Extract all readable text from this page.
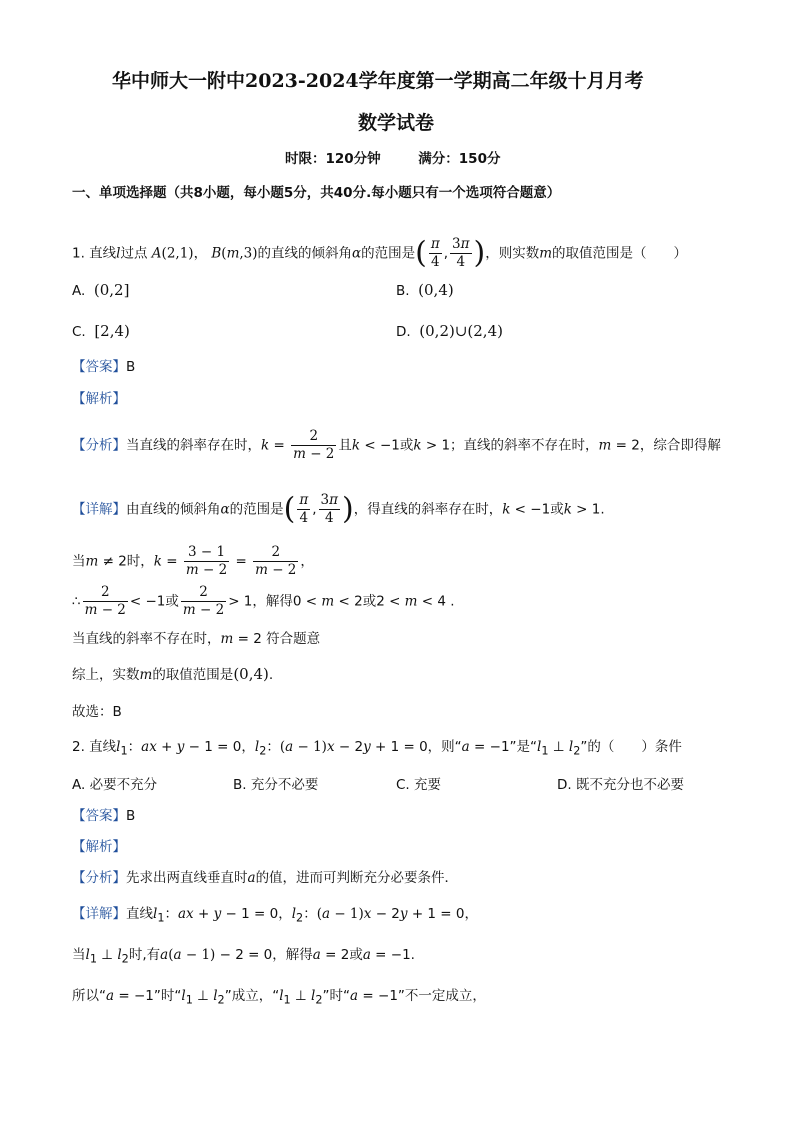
华中师大一附中2023-2024学年度第一学期高二年级十月月考
数学试卷
时限：120分钟        满分：150分
一、单项选择题（共8小题，每小题5分，共40分.每小题只有一个选项符合题意）
1. 直线l过点 A(2,1)， B(m,3)的直线的倾斜角α的范围是( $\frac{\pi}{4}$ , $\frac{3\pi}{4}$ )，则实数m的取值范围是（　　）
A. (0,2]	B. (0,4)
C. [2,4)	D. (0,2)∪(2,4)
【答案】B
【解析】
【分析】当直线的斜率存在时，$k = \frac{2}{m - 2}$ 且k < −1或k > 1；直线的斜率不存在时，m = 2，综合即得解
【详解】由直线的倾斜角α的范围是( $\frac{\pi}{4}$ , $\frac{3\pi}{4}$ )，得直线的斜率存在时，k < −1或k > 1.
当m ≠ 2时，$k = \frac{3 - 1}{m - 2} = \frac{2}{m - 2}$ ，
∴ $\frac{2}{m - 2} < -1$或 $\frac{2}{m - 2} > 1$，解得0 < m < 2或2 < m < 4 .
当直线的斜率不存在时，m = 2 符合题意
综上，实数m的取值范围是(0,4).
故选：B
2. 直线$l_1$：ax + y − 1 = 0，$l_2$：(a − 1)x − 2y + 1 = 0，则“a = −1”是“$l_1$ ⊥ $l_2$”的（　　）条件
A. 必要不充分	B. 充分不必要	C. 充要	D. 既不充分也不必要
【答案】B
【解析】
【分析】先求出两直线垂直时a的值，进而可判断充分必要条件．
【详解】直线$l_1$：ax + y − 1 = 0，$l_2$：(a − 1)x − 2y + 1 = 0，
当$l_1$ ⊥ $l_2$时,有a(a − 1) − 2 = 0，解得a = 2或a = −1.
所以“a = −1”时“$l_1$ ⊥ $l_2$”成立，“$l_1$ ⊥ $l_2$”时“a = −1”不一定成立，
